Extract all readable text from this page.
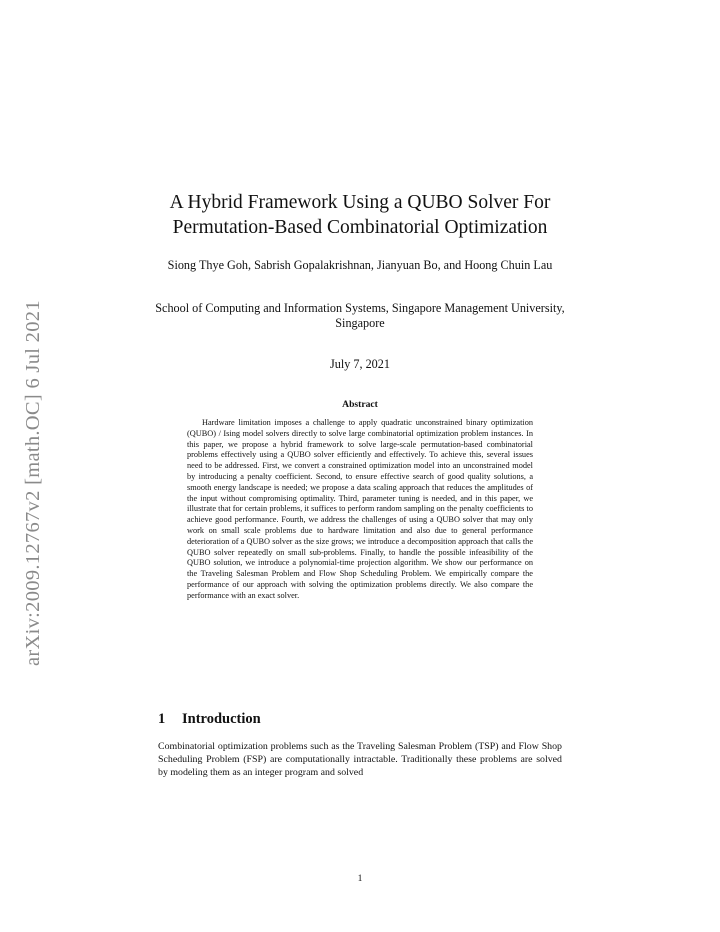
arXiv:2009.12767v2 [math.OC] 6 Jul 2021
A Hybrid Framework Using a QUBO Solver For Permutation-Based Combinatorial Optimization
Siong Thye Goh, Sabrish Gopalakrishnan, Jianyuan Bo, and Hoong Chuin Lau
School of Computing and Information Systems, Singapore Management University, Singapore
July 7, 2021
Abstract
Hardware limitation imposes a challenge to apply quadratic unconstrained binary optimization (QUBO) / Ising model solvers directly to solve large combinatorial optimization problem instances. In this paper, we propose a hybrid framework to solve large-scale permutation-based combinatorial problems effectively using a QUBO solver efficiently and effectively. To achieve this, several issues need to be addressed. First, we convert a constrained optimization model into an unconstrained model by introducing a penalty coefficient. Second, to ensure effective search of good quality solutions, a smooth energy landscape is needed; we propose a data scaling approach that reduces the amplitudes of the input without compromising optimality. Third, parameter tuning is needed, and in this paper, we illustrate that for certain problems, it suffices to perform random sampling on the penalty coefficients to achieve good performance. Fourth, we address the challenges of using a QUBO solver that may only work on small scale problems due to hardware limitation and also due to general performance deterioration of a QUBO solver as the size grows; we introduce a decomposition approach that calls the QUBO solver repeatedly on small sub-problems. Finally, to handle the possible infeasibility of the QUBO solution, we introduce a polynomial-time projection algorithm. We show our performance on the Traveling Salesman Problem and Flow Shop Scheduling Problem. We empirically compare the performance of our approach with solving the optimization problems directly. We also compare the performance with an exact solver.
1 Introduction
Combinatorial optimization problems such as the Traveling Salesman Problem (TSP) and Flow Shop Scheduling Problem (FSP) are computationally intractable. Traditionally these problems are solved by modeling them as an integer program and solved
1
